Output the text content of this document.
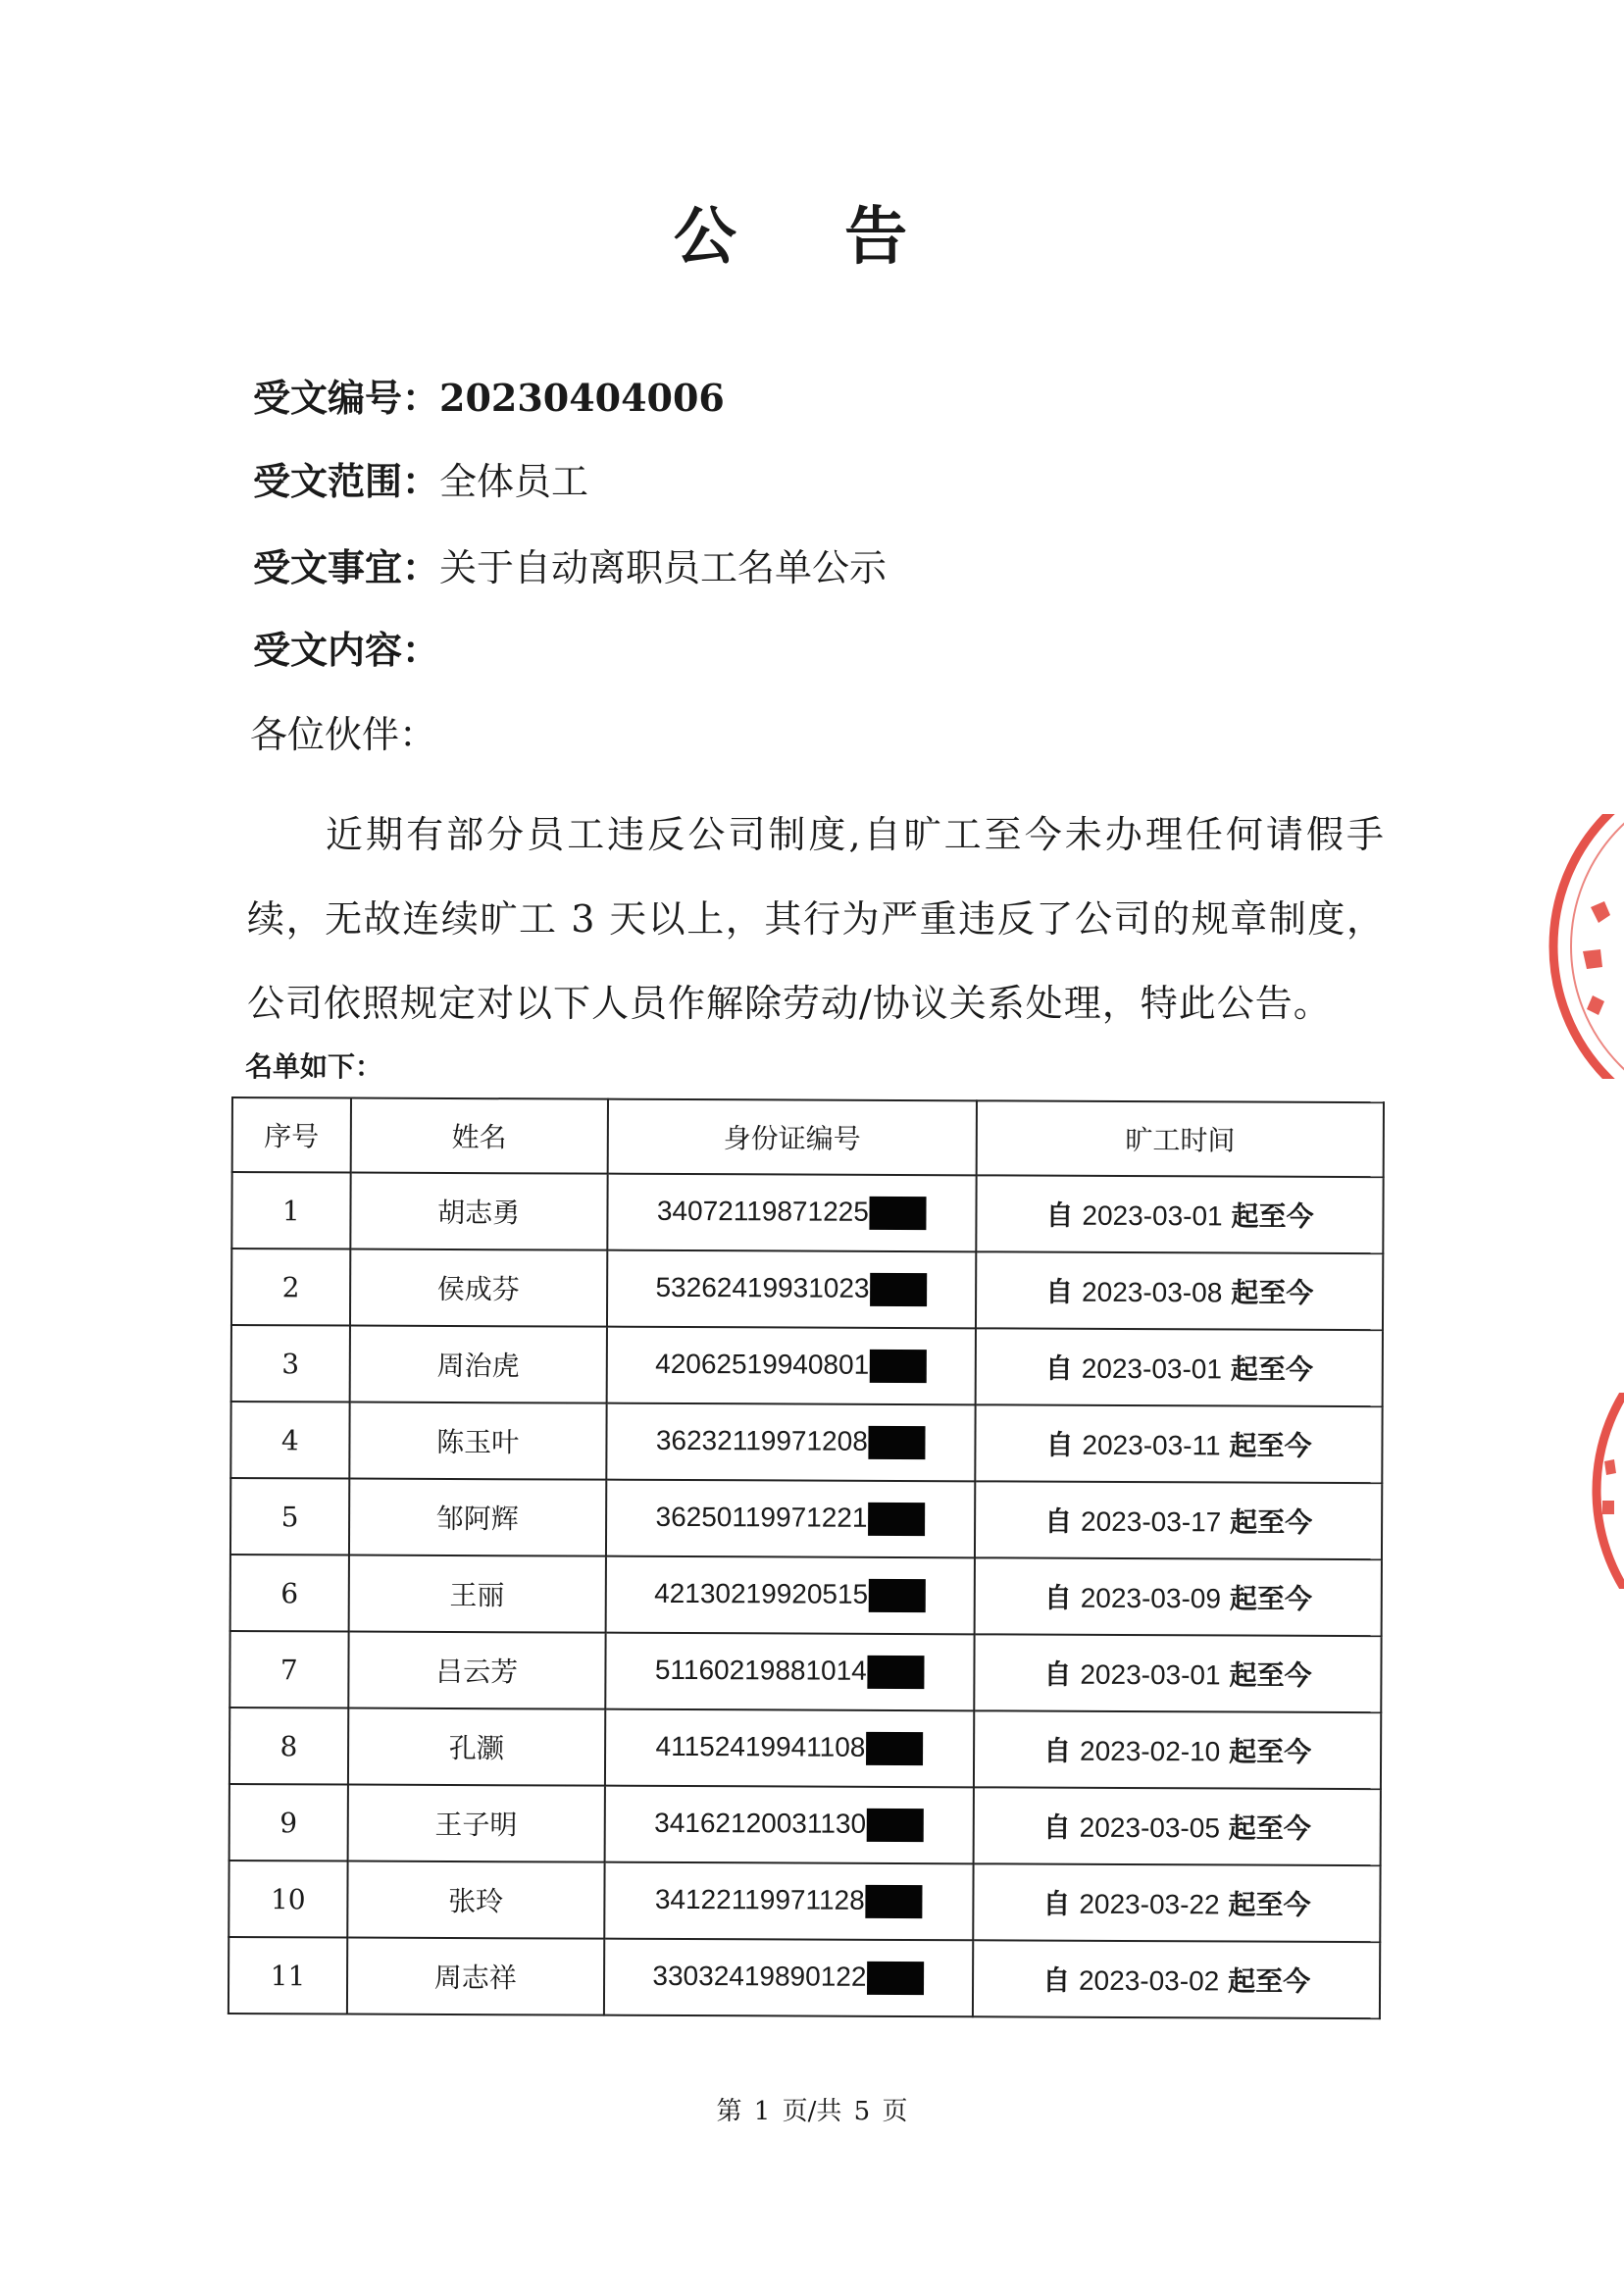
公 告
受文编号：20230404006
受文范围：全体员工
受文事宜：关于自动离职员工名单公示
受文内容：
各位伙伴：
近期有部分员工违反公司制度,自旷工至今未办理任何请假手续，无故连续旷工 3 天以上，其行为严重违反了公司的规章制度，公司依照规定对以下人员作解除劳动/协议关系处理，特此公告。
名单如下：
序号	姓名	身份证编号	旷工时间
1	胡志勇	34072119871225	自 2023-03-01 起至今
2	侯成芬	53262419931023	自 2023-03-08 起至今
3	周治虎	42062519940801	自 2023-03-01 起至今
4	陈玉叶	36232119971208	自 2023-03-11 起至今
5	邹阿辉	36250119971221	自 2023-03-17 起至今
6	王丽	42130219920515	自 2023-03-09 起至今
7	吕云芳	51160219881014	自 2023-03-01 起至今
8	孔灏	41152419941108	自 2023-02-10 起至今
9	王子明	34162120031130	自 2023-03-05 起至今
10	张玲	34122119971128	自 2023-03-22 起至今
11	周志祥	33032419890122	自 2023-03-02 起至今
第 1 页/共 5 页
